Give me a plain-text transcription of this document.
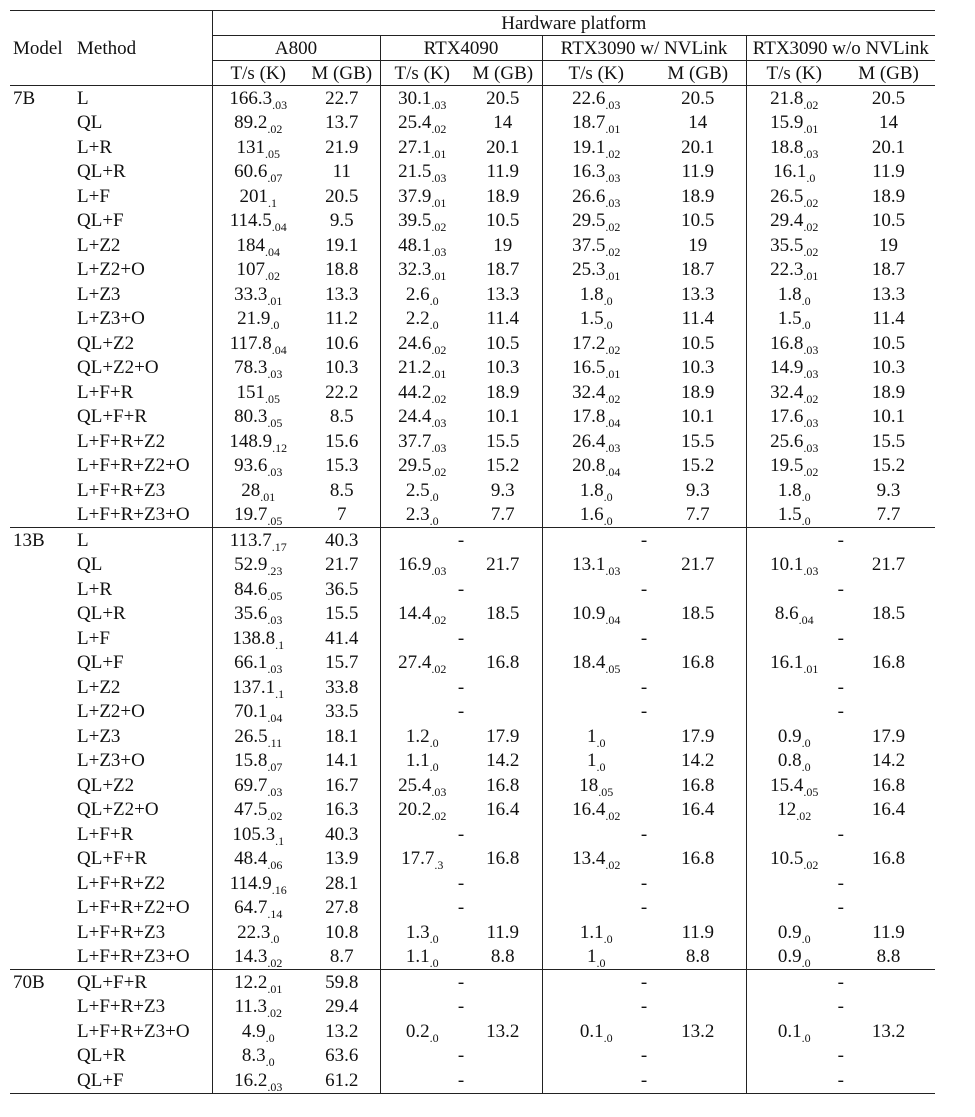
Model	Method	Hardware platform							
		A800		RTX4090		RTX3090 w/ NVLink		RTX3090 w/o NVLink	
		T/s (K)	M (GB)	T/s (K)	M (GB)	T/s (K)	M (GB)	T/s (K)	M (GB)
7B	L	$166.3_{.03}$	22.7	$30.1_{.03}$	20.5	$22.6_{.03}$	20.5	$21.8_{.02}$	20.5
	QL	$89.2_{.02}$	13.7	$25.4_{.02}$	14	$18.7_{.01}$	14	$15.9_{.01}$	14
	L+R	$131_{.05}$	21.9	$27.1_{.01}$	20.1	$19.1_{.02}$	20.1	$18.8_{.03}$	20.1
	QL+R	$60.6_{.07}$	11	$21.5_{.03}$	11.9	$16.3_{.03}$	11.9	$16.1_{.0}$	11.9
	L+F	$201_{.1}$	20.5	$37.9_{.01}$	18.9	$26.6_{.03}$	18.9	$26.5_{.02}$	18.9
	QL+F	$114.5_{.04}$	9.5	$39.5_{.02}$	10.5	$29.5_{.02}$	10.5	$29.4_{.02}$	10.5
	L+Z2	$184_{.04}$	19.1	$48.1_{.03}$	19	$37.5_{.02}$	19	$35.5_{.02}$	19
	L+Z2+O	$107_{.02}$	18.8	$32.3_{.01}$	18.7	$25.3_{.01}$	18.7	$22.3_{.01}$	18.7
	L+Z3	$33.3_{.01}$	13.3	$2.6_{.0}$	13.3	$1.8_{.0}$	13.3	$1.8_{.0}$	13.3
	L+Z3+O	$21.9_{.0}$	11.2	$2.2_{.0}$	11.4	$1.5_{.0}$	11.4	$1.5_{.0}$	11.4
	QL+Z2	$117.8_{.04}$	10.6	$24.6_{.02}$	10.5	$17.2_{.02}$	10.5	$16.8_{.03}$	10.5
	QL+Z2+O	$78.3_{.03}$	10.3	$21.2_{.01}$	10.3	$16.5_{.01}$	10.3	$14.9_{.03}$	10.3
	L+F+R	$151_{.05}$	22.2	$44.2_{.02}$	18.9	$32.4_{.02}$	18.9	$32.4_{.02}$	18.9
	QL+F+R	$80.3_{.05}$	8.5	$24.4_{.03}$	10.1	$17.8_{.04}$	10.1	$17.6_{.03}$	10.1
	L+F+R+Z2	$148.9_{.12}$	15.6	$37.7_{.03}$	15.5	$26.4_{.03}$	15.5	$25.6_{.03}$	15.5
	L+F+R+Z2+O	$93.6_{.03}$	15.3	$29.5_{.02}$	15.2	$20.8_{.04}$	15.2	$19.5_{.02}$	15.2
	L+F+R+Z3	$28_{.01}$	8.5	$2.5_{.0}$	9.3	$1.8_{.0}$	9.3	$1.8_{.0}$	9.3
	L+F+R+Z3+O	$19.7_{.05}$	7	$2.3_{.0}$	7.7	$1.6_{.0}$	7.7	$1.5_{.0}$	7.7
13B	L	$113.7_{.17}$	40.3	-		-		-	
	QL	$52.9_{.23}$	21.7	$16.9_{.03}$	21.7	$13.1_{.03}$	21.7	$10.1_{.03}$	21.7
	L+R	$84.6_{.05}$	36.5	-		-		-	
	QL+R	$35.6_{.03}$	15.5	$14.4_{.02}$	18.5	$10.9_{.04}$	18.5	$8.6_{.04}$	18.5
	L+F	$138.8_{.1}$	41.4	-		-		-	
	QL+F	$66.1_{.03}$	15.7	$27.4_{.02}$	16.8	$18.4_{.05}$	16.8	$16.1_{.01}$	16.8
	L+Z2	$137.1_{.1}$	33.8	-		-		-	
	L+Z2+O	$70.1_{.04}$	33.5	-		-		-	
	L+Z3	$26.5_{.11}$	18.1	$1.2_{.0}$	17.9	$1_{.0}$	17.9	$0.9_{.0}$	17.9
	L+Z3+O	$15.8_{.07}$	14.1	$1.1_{.0}$	14.2	$1_{.0}$	14.2	$0.8_{.0}$	14.2
	QL+Z2	$69.7_{.03}$	16.7	$25.4_{.03}$	16.8	$18_{.05}$	16.8	$15.4_{.05}$	16.8
	QL+Z2+O	$47.5_{.02}$	16.3	$20.2_{.02}$	16.4	$16.4_{.02}$	16.4	$12_{.02}$	16.4
	L+F+R	$105.3_{.1}$	40.3	-		-		-	
	QL+F+R	$48.4_{.06}$	13.9	$17.7_{.3}$	16.8	$13.4_{.02}$	16.8	$10.5_{.02}$	16.8
	L+F+R+Z2	$114.9_{.16}$	28.1	-		-		-	
	L+F+R+Z2+O	$64.7_{.14}$	27.8	-		-		-	
	L+F+R+Z3	$22.3_{.0}$	10.8	$1.3_{.0}$	11.9	$1.1_{.0}$	11.9	$0.9_{.0}$	11.9
	L+F+R+Z3+O	$14.3_{.02}$	8.7	$1.1_{.0}$	8.8	$1_{.0}$	8.8	$0.9_{.0}$	8.8
70B	QL+F+R	$12.2_{.01}$	59.8	-		-		-	
	L+F+R+Z3	$11.3_{.02}$	29.4	-		-		-	
	L+F+R+Z3+O	$4.9_{.0}$	13.2	$0.2_{.0}$	13.2	$0.1_{.0}$	13.2	$0.1_{.0}$	13.2
	QL+R	$8.3_{.0}$	63.6	-		-		-	
	QL+F	$16.2_{.03}$	61.2	-		-		-	
